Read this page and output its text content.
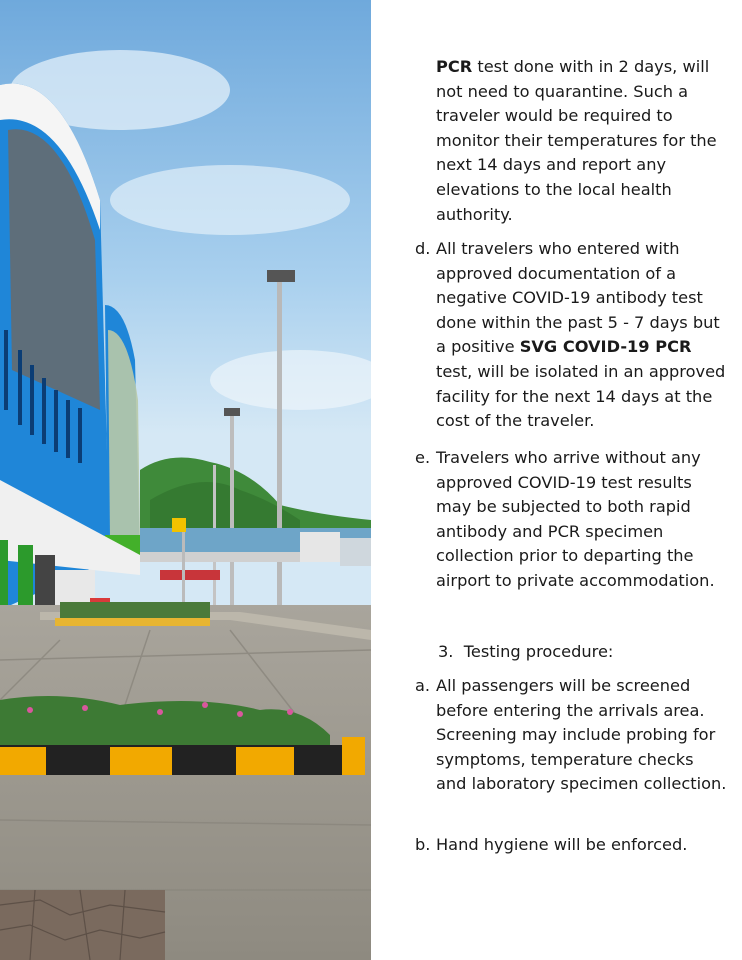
PCR test done with in 2 days, will not need to quarantine. Such a traveler would be required to monitor their temperatures for the next 14 days and report any elevations to the local health authority.

d. All travelers who entered with approved documentation of a negative COVID-19 antibody test done within the past 5 - 7 days but a positive SVG COVID-19 PCR test, will be isolated in an approved facility for the next 14 days at the cost of the traveler.
e. Travelers who arrive without any approved COVID-19 test results may be subjected to both rapid antibody and PCR specimen collection prior to departing the airport to private accommodation.
3. Testing procedure:
a. All passengers will be screened before entering the arrivals area. Screening may include probing for symptoms, temperature checks and laboratory specimen collection.
b. Hand hygiene will be enforced.
